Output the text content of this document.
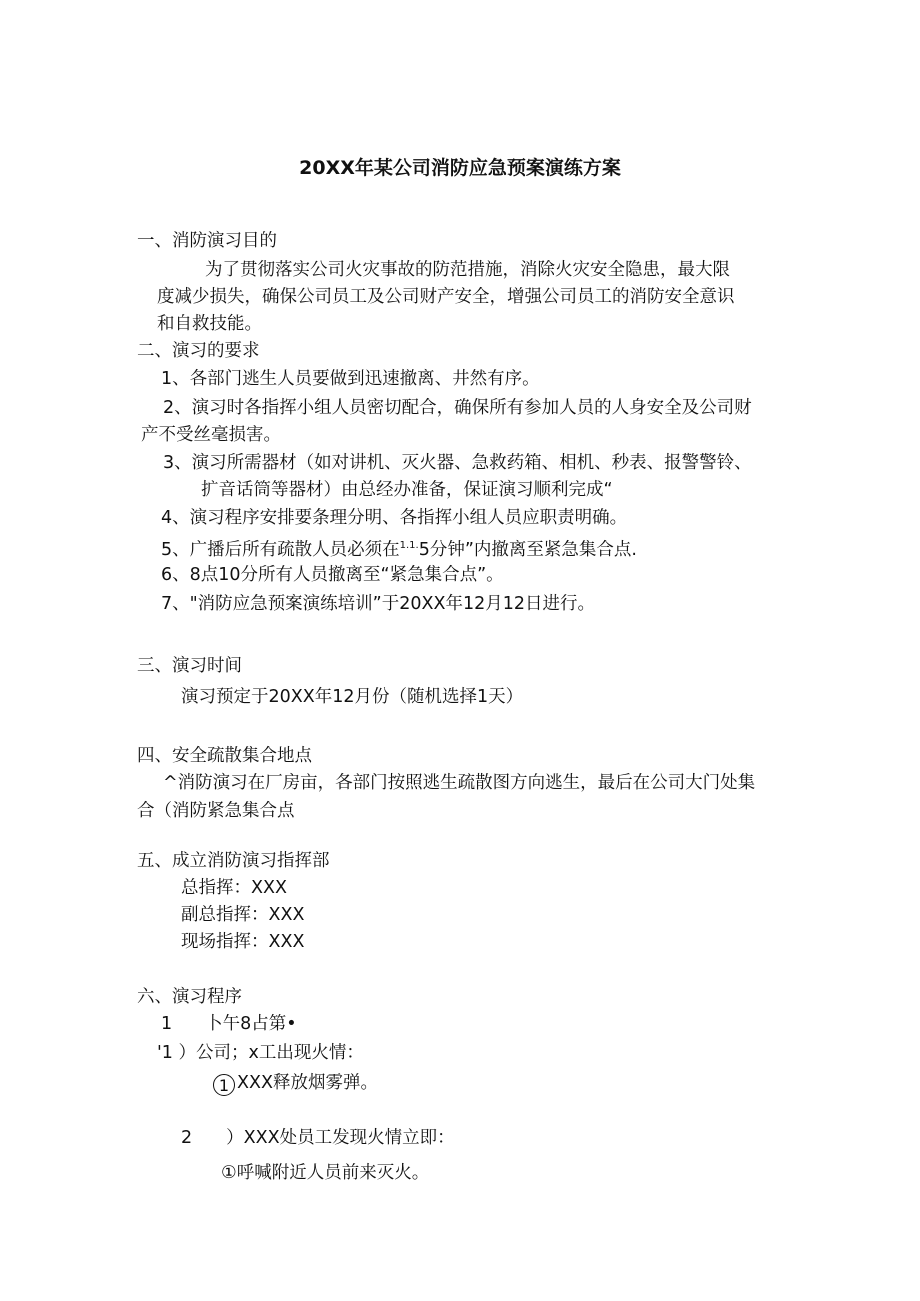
20XX年某公司消防应急预案演练方案
一、消防演习目的
为了贯彻落实公司火灾事故的防范措施，消除火灾安全隐患，最大限
度减少损失，确保公司员工及公司财产安全，增强公司员工的消防安全意识
和自救技能。
二、演习的要求
1、各部门逃生人员要做到迅速撤离、井然有序。
2、演习时各指挥小组人员密切配合，确保所有参加人员的人身安全及公司财
产不受丝毫损害。
3、演习所需器材（如对讲机、灭火器、急救药箱、相机、秒表、报警警铃、
扩音话筒等器材）由总经办准备，保证演习顺利完成“
4、演习程序安排要条理分明、各指挥小组人员应职责明确。
5、广播后所有疏散人员必须在$^{1.1.}$5分钟”内撤离至紧急集合点.
6、8点10分所有人员撤离至“紧急集合点”。
7、"消防应急预案演练培训”于20XX年12月12日进行。
三、演习时间
演习预定于20XX年12月份（随机选择1天）
四、安全疏散集合地点
^消防演习在厂房亩，各部门按照逃生疏散图方向逃生，最后在公司大门处集
合（消防紧急集合点
五、成立消防演习指挥部
总指挥：XXX
副总指挥：XXX
现场指挥：XXX
六、演习程序
1 卜午8占第•
'1 ）公司；x工出现火情：
1 XXX释放烟雾弹。
2 ）XXX处员工发现火情立即：
①呼喊附近人员前来灭火。
